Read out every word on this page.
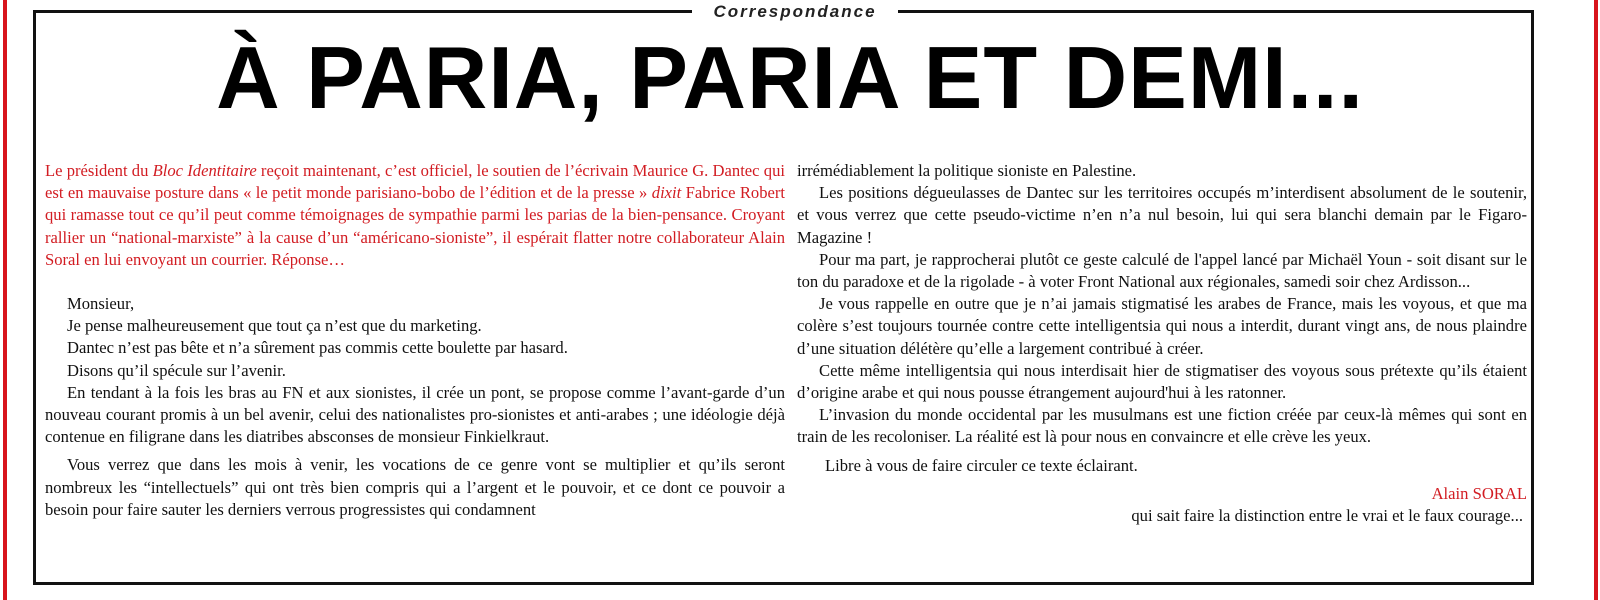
Correspondance
À PARIA, PARIA ET DEMI...

Le président du Bloc Identitaire reçoit maintenant, c’est officiel, le soutien de l’écrivain Maurice G. Dantec qui est en mauvaise posture dans « le petit monde parisiano-bobo de l’édition et de la presse » dixit Fabrice Robert qui ramasse tout ce qu’il peut comme témoignages de sympathie parmi les parias de la bien-pensance. Croyant rallier un “national-marxiste” à la cause d’un “américano-sioniste”, il espérait flatter notre collaborateur Alain Soral en lui envoyant un courrier. Réponse…

Monsieur,

Je pense malheureusement que tout ça n’est que du marketing.

Dantec n’est pas bête et n’a sûrement pas commis cette boulette par hasard.

Disons qu’il spécule sur l’avenir.

En tendant à la fois les bras au FN et aux sionistes, il crée un pont, se propose comme l’avant-garde d’un nouveau courant promis à un bel avenir, celui des nationalistes pro-sionistes et anti-arabes ; une idéologie déjà contenue en filigrane dans les diatribes absconses de monsieur Finkielkraut.

Vous verrez que dans les mois à venir, les vocations de ce genre vont se multiplier et qu’ils seront nombreux les “intellectuels” qui ont très bien compris qui a l’argent et le pouvoir, et ce dont ce pouvoir a besoin pour faire sauter les derniers verrous progressistes qui condamnent

irrémédiablement la politique sioniste en Palestine.

Les positions dégueulasses de Dantec sur les territoires occupés m’interdisent absolument de le soutenir, et vous verrez que cette pseudo-victime n’en n’a nul besoin, lui qui sera blanchi demain par le Figaro-Magazine !

Pour ma part, je rapprocherai plutôt ce geste calculé de l'appel lancé par Michaël Youn - soit disant sur le ton du paradoxe et de la rigolade - à voter Front National aux régionales, samedi soir chez Ardisson...

Je vous rappelle en outre que je n’ai jamais stigmatisé les arabes de France, mais les voyous, et que ma colère s’est toujours tournée contre cette intelligentsia qui nous a interdit, durant vingt ans, de nous plaindre d’une situation délétère qu’elle a largement contribué à créer.

Cette même intelligentsia qui nous interdisait hier de stigmatiser des voyous sous prétexte qu’ils étaient d’origine arabe et qui nous pousse étrangement aujourd'hui à les ratonner.

L’invasion du monde occidental par les musulmans est une fiction créée par ceux-là mêmes qui sont en train de les recoloniser. La réalité est là pour nous en convaincre et elle crève les yeux.

Libre à vous de faire circuler ce texte éclairant.

Alain SORAL

qui sait faire la distinction entre le vrai et le faux courage...
